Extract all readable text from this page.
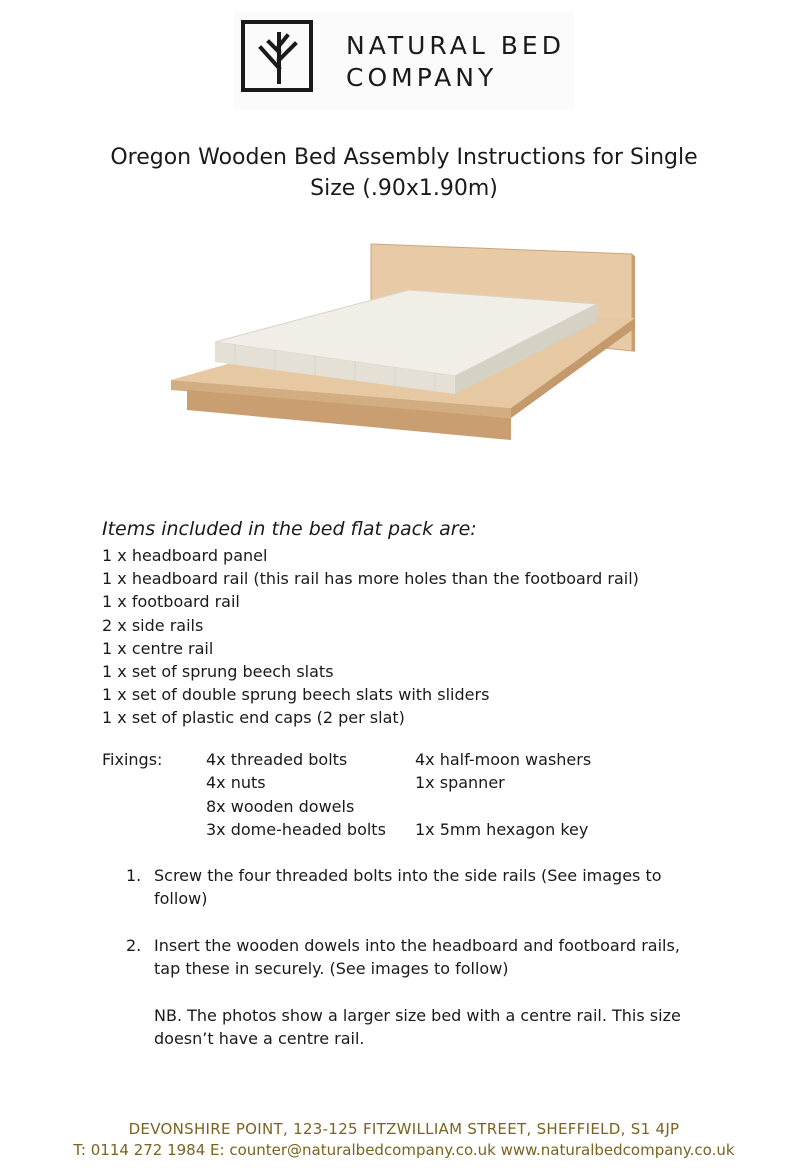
NATURAL BED
COMPANY
Oregon Wooden Bed Assembly Instructions for Single
Size (.90x1.90m)
Items included in the bed flat pack are:
1 x headboard panel
1 x headboard rail (this rail has more holes than the footboard rail)
1 x footboard rail
2 x side rails
1 x centre rail
1 x set of sprung beech slats
1 x set of double sprung beech slats with sliders
1 x set of plastic end caps (2 per slat)
Fixings:	4x threaded bolts
4x nuts
8x wooden dowels
3x dome-headed bolts
4x half-moon washers
1x spanner
1x 5mm hexagon key
1. Screw the four threaded bolts into the side rails (See images to
follow)
2. Insert the wooden dowels into the headboard and footboard rails,
tap these in securely. (See images to follow)
NB. The photos show a larger size bed with a centre rail. This size
doesn’t have a centre rail.
DEVONSHIRE POINT, 123-125 FITZWILLIAM STREET, SHEFFIELD, S1 4JP
T: 0114 272 1984 E: counter@naturalbedcompany.co.uk www.naturalbedcompany.co.uk
